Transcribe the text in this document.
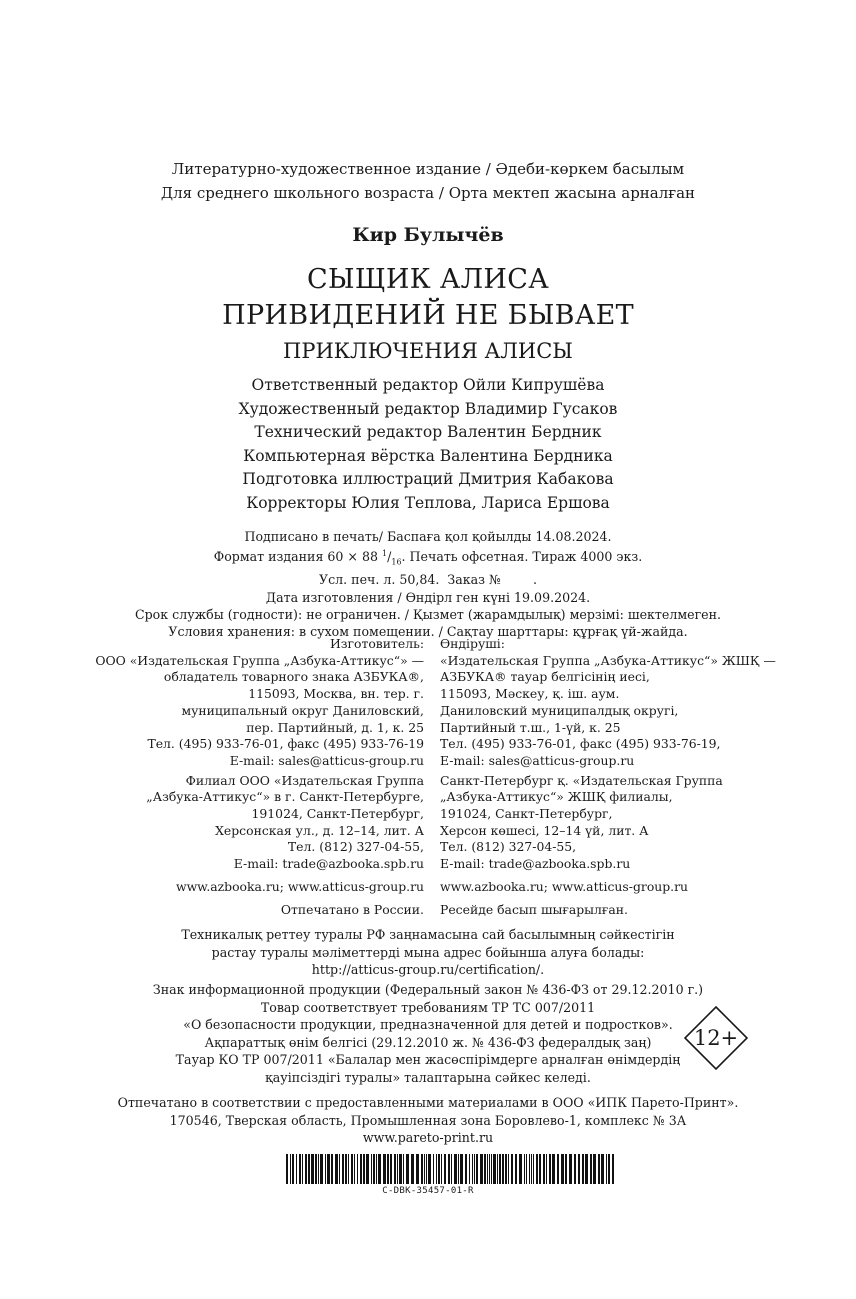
Литературно-художественное издание / Әдеби-көркем басылым
Для среднего школьного возраста / Орта мектеп жасына арналған
Кир Булычёв
СЫЩИК АЛИСА
ПРИВИДЕНИЙ НЕ БЫВАЕТ
ПРИКЛЮЧЕНИЯ АЛИСЫ
Ответственный редактор Ойли Кипрушёва
Художественный редактор Владимир Гусаков
Технический редактор Валентин Бердник
Компьютерная вёрстка Валентина Бердника
Подготовка иллюстраций Дмитрия Кабакова
Корректоры Юлия Теплова, Лариса Ершова
Подписано в печать/ Баспаға қол қойылды 14.08.2024.
Формат издания 60 × 88 $^1/_{16}$. Печать офсетная. Тираж 4000 экз.
Усл. печ. л. 50,84.  Заказ №        .
Дата изготовления / Өндірл ген күні 19.09.2024.
Срок службы (годности): не ограничен. / Қызмет (жарамдылық) мерзімі: шектелмеген.
Условия хранения: в сухом помещении. / Сақтау шарттары: құрғақ үй-жайда.
Изготовитель:
ООО «Издательская Группа „Азбука-Аттикус“» —
обладатель товарного знака АЗБУКА®,
115093, Москва, вн. тер. г.
муниципальный округ Даниловский,
пер. Партийный, д. 1, к. 25
Тел. (495) 933-76-01, факс (495) 933-76-19
E-mail: sales@atticus-group.ru
Филиал ООО «Издательская Группа
„Азбука-Аттикус“» в г. Санкт-Петербурге,
191024, Санкт-Петербург,
Херсонская ул., д. 12–14, лит. А
Тел. (812) 327-04-55,
E-mail: trade@azbooka.spb.ru
www.azbooka.ru; www.atticus-group.ru
Отпечатано в России.
Өндіруші:
«Издательская Группа „Азбука-Аттикус“» ЖШҚ —
АЗБУКА® тауар белгісінің иесі,
115093, Мәскеу, қ. іш. аум.
Даниловский муниципалдық округі,
Партийный т.ш., 1-үй, к. 25
Тел. (495) 933-76-01, факс (495) 933-76-19,
E-mail: sales@atticus-group.ru
Санкт-Петербург қ. «Издательская Группа
„Азбука-Аттикус“» ЖШҚ филиалы,
191024, Санкт-Петербург,
Херсон көшесі, 12–14 үй, лит. А
Тел. (812) 327-04-55,
E-mail: trade@azbooka.spb.ru
www.azbooka.ru; www.atticus-group.ru
Ресейде басып шығарылған.
Техникалық реттеу туралы РФ заңнамасына сай басылымның сәйкестігін
растау туралы мәліметтерді мына адрес бойынша алуға болады:
http://atticus-group.ru/certification/.
Знак информационной продукции (Федеральный закон № 436-ФЗ от 29.12.2010 г.)
Товар соответствует требованиям ТР ТС 007/2011
«О безопасности продукции, предназначенной для детей и подростков».
Ақпараттық өнім белгісі (29.12.2010 ж. № 436-ФЗ федералдық заң)
Тауар КО ТР 007/2011 «Балалар мен жасөспірімдерге арналған өнімдердің
қауіпсіздігі туралы» талаптарына сәйкес келеді.
12+
Отпечатано в соответствии с предоставленными материалами в ООО «ИПК Парето-Принт».
170546, Тверская область, Промышленная зона Боровлево-1, комплекс № 3А
www.pareto-print.ru
C-DBK-35457-01-R
